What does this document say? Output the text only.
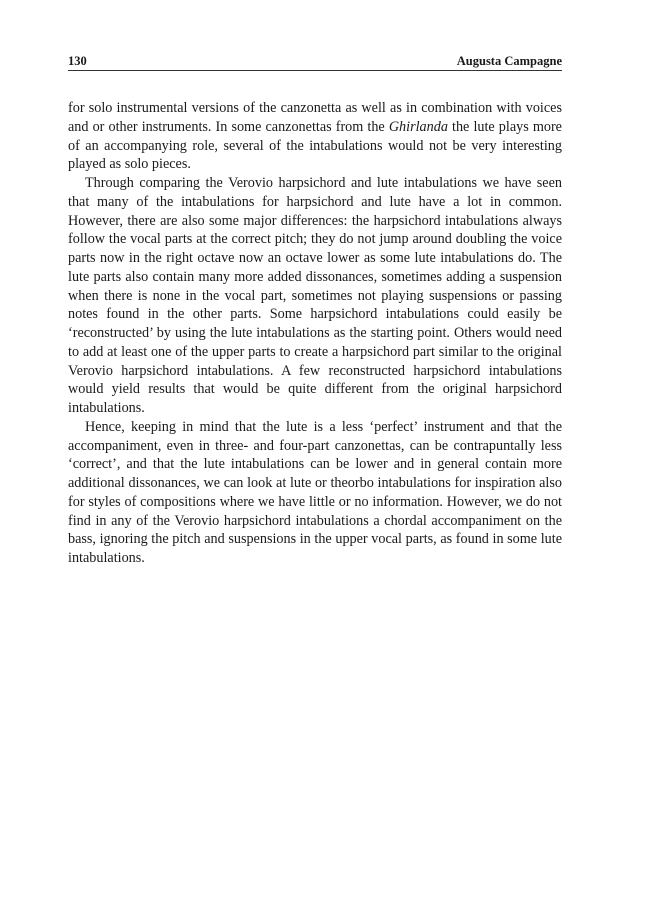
130	Augusta Campagne

for solo instrumental versions of the canzonetta as well as in combination with voices and or other instruments. In some canzonettas from the Ghirlanda the lute plays more of an accompanying role, several of the intabulations would not be very interesting played as solo pieces.

Through comparing the Verovio harpsichord and lute intabulations we have seen that many of the intabulations for harpsichord and lute have a lot in common. However, there are also some major differences: the harpsichord intabulations always follow the vocal parts at the correct pitch; they do not jump around doubling the voice parts now in the right octave now an octave lower as some lute intabulations do. The lute parts also contain many more added dissonances, sometimes adding a suspension when there is none in the vocal part, sometimes not playing suspensions or passing notes found in the other parts. Some harpsichord intabulations could easily be ‘reconstructed’ by using the lute intabulations as the starting point. Others would need to add at least one of the upper parts to create a harpsichord part similar to the original Verovio harpsichord intabulations. A few reconstructed harpsichord intabulations would yield results that would be quite different from the original harpsichord intabulations.

Hence, keeping in mind that the lute is a less ‘perfect’ instrument and that the accompaniment, even in three- and four-part canzonettas, can be contrapuntally less ‘correct’, and that the lute intabulations can be lower and in general contain more additional dissonances, we can look at lute or theorbo intabulations for inspiration also for styles of compositions where we have little or no information. However, we do not find in any of the Verovio harpsichord intabulations a chordal accompaniment on the bass, ignoring the pitch and suspensions in the upper vocal parts, as found in some lute intabulations.
